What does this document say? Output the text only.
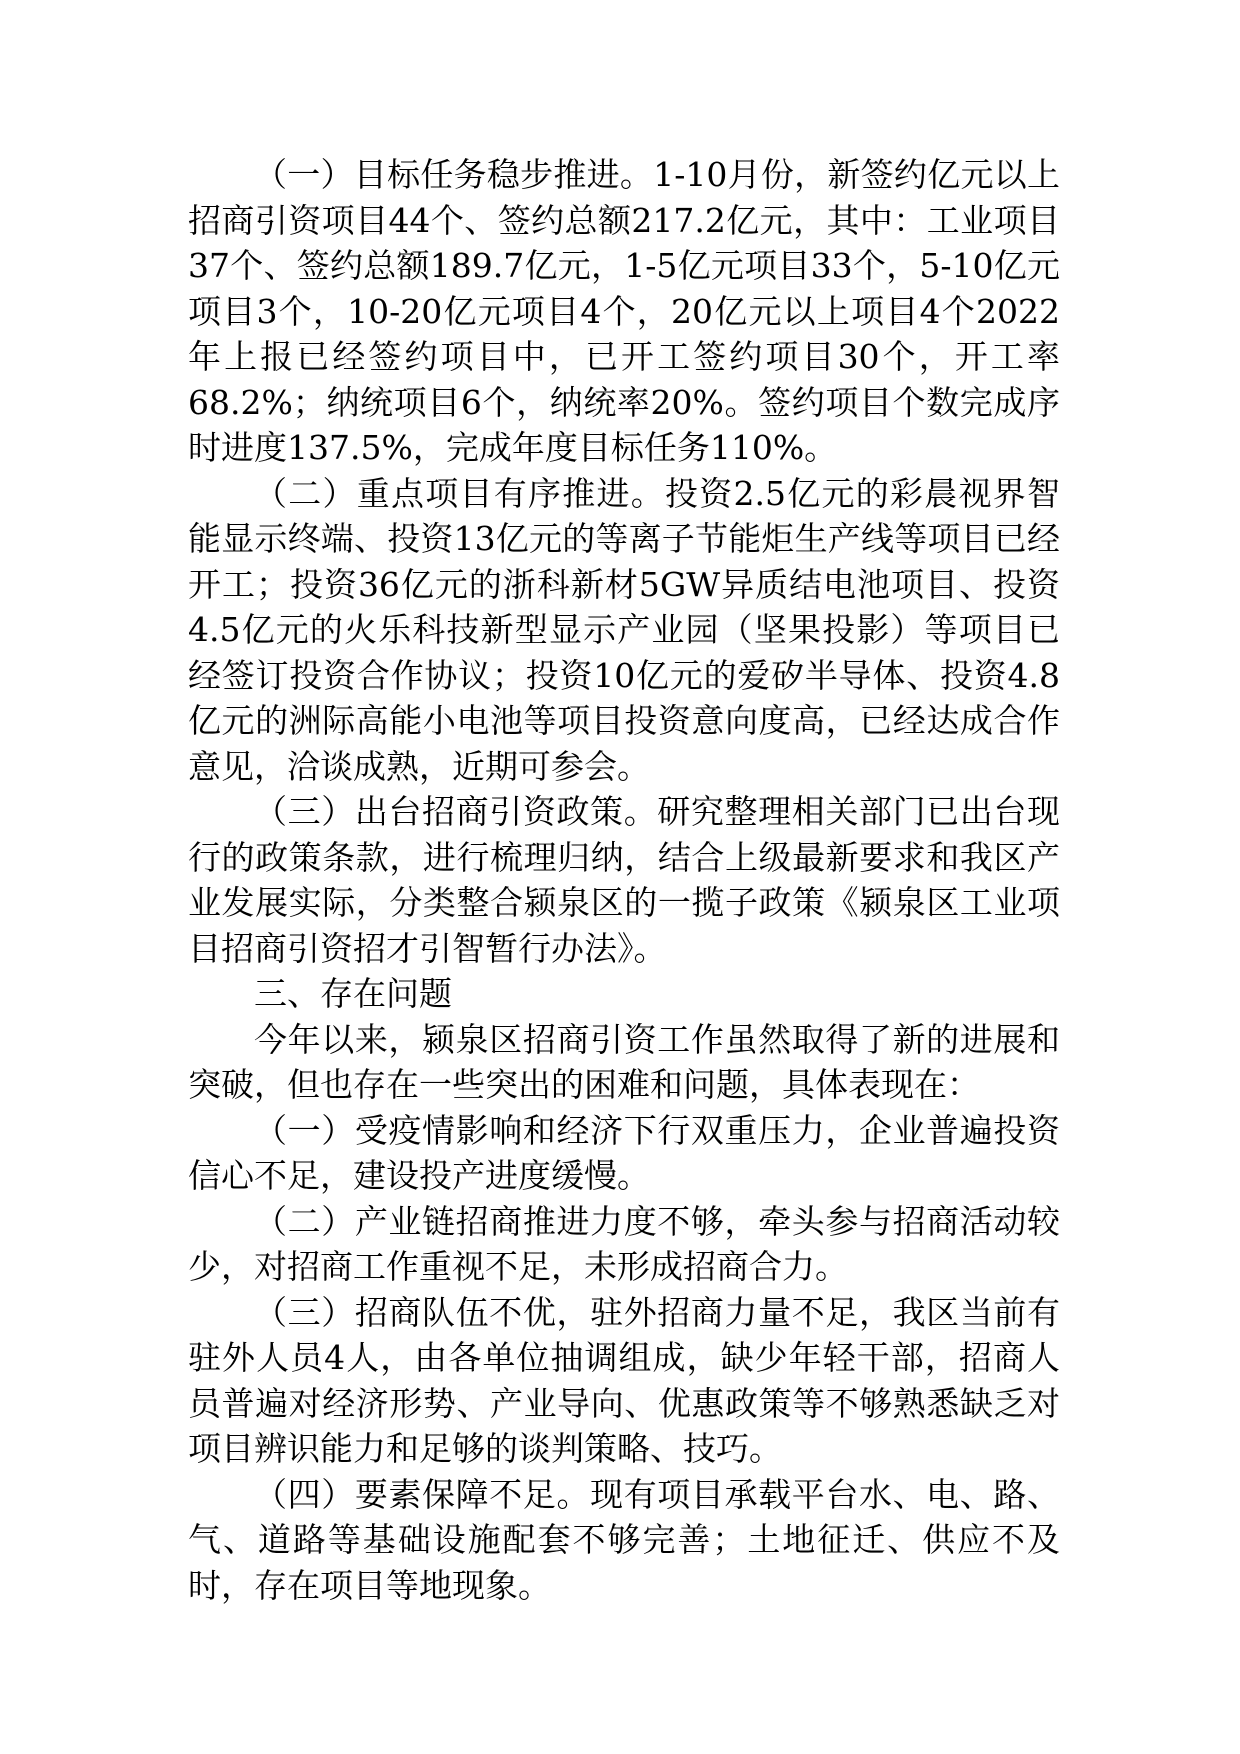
（一）目标任务稳步推进。1-10月份，新签约亿元以上招商引资项目44个、签约总额217.2亿元，其中：工业项目37个、签约总额189.7亿元，1-5亿元项目33个，5-10亿元项目3个，10-20亿元项目4个，20亿元以上项目4个2022年上报已经签约项目中，已开工签约项目30个，开工率68.2%；纳统项目6个，纳统率20%。签约项目个数完成序时进度137.5%，完成年度目标任务110%。

（二）重点项目有序推进。投资2.5亿元的彩晨视界智能显示终端、投资13亿元的等离子节能炬生产线等项目已经开工；投资36亿元的浙科新材5GW异质结电池项目、投资4.5亿元的火乐科技新型显示产业园（坚果投影）等项目已经签订投资合作协议；投资10亿元的爱矽半导体、投资4.8亿元的洲际高能小电池等项目投资意向度高，已经达成合作意见，洽谈成熟，近期可参会。

（三）出台招商引资政策。研究整理相关部门已出台现行的政策条款，进行梳理归纳，结合上级最新要求和我区产业发展实际，分类整合颍泉区的一揽子政策《颍泉区工业项目招商引资招才引智暂行办法》。

三、存在问题

今年以来，颍泉区招商引资工作虽然取得了新的进展和突破，但也存在一些突出的困难和问题，具体表现在：

（一）受疫情影响和经济下行双重压力，企业普遍投资信心不足，建设投产进度缓慢。

（二）产业链招商推进力度不够，牵头参与招商活动较少，对招商工作重视不足，未形成招商合力。

（三）招商队伍不优，驻外招商力量不足，我区当前有驻外人员4人，由各单位抽调组成，缺少年轻干部，招商人员普遍对经济形势、产业导向、优惠政策等不够熟悉缺乏对项目辨识能力和足够的谈判策略、技巧。

（四）要素保障不足。现有项目承载平台水、电、路、气、道路等基础设施配套不够完善；土地征迁、供应不及时，存在项目等地现象。
